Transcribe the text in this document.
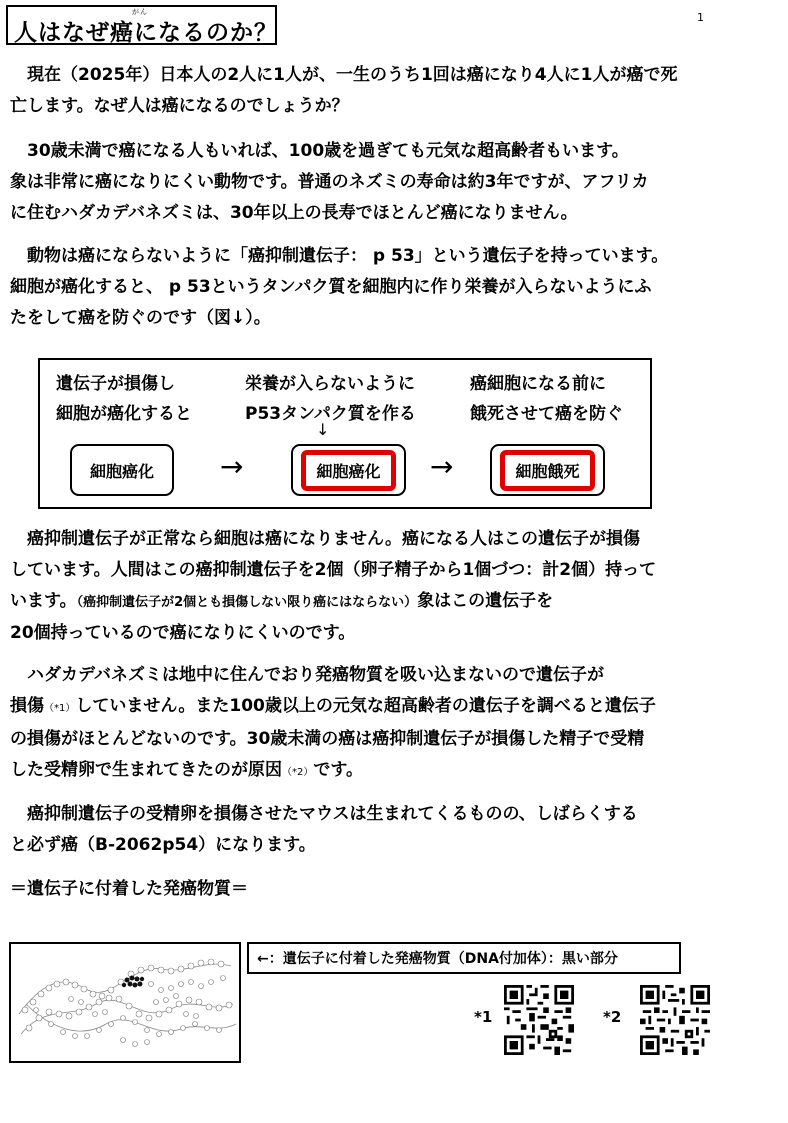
人はなぜ癌になるのか？
がん	1
現在（2025年）日本人の2人に1人が、一生のうち1回は癌になり4人に1人が癌で死
亡します。なぜ人は癌になるのでしょうか？
30歳未満で癌になる人もいれば、100歳を過ぎても元気な超高齢者もいます。
象は非常に癌になりにくい動物です。普通のネズミの寿命は約3年ですが、アフリカ
に住むハダカデバネズミは、30年以上の長寿でほとんど癌になりません。
動物は癌にならないように「癌抑制遺伝子： p 53」という遺伝子を持っています。
細胞が癌化すると、 p 53というタンパク質を細胞内に作り栄養が入らないようにふ
たをして癌を防ぐのです（図↓）。
遺伝子が損傷し
細胞が癌化すると
栄養が入らないように
P53タンパク質を作る
癌細胞になる前に
餓死させて癌を防ぐ
↓
細胞癌化 →	細胞癌化	→	細胞餓死
癌抑制遺伝子が正常なら細胞は癌になりません。癌になる人はこの遺伝子が損傷
しています。人間はこの癌抑制遺伝子を2個（卵子精子から1個づつ：計2個）持って
います。（癌抑制遺伝子が2個とも損傷しない限り癌にはならない）象はこの遺伝子を
20個持っているので癌になりにくいのです。
ハダカデバネズミは地中に住んでおり発癌物質を吸い込まないので遺伝子が
損傷（*1）していません。また100歳以上の元気な超高齢者の遺伝子を調べると遺伝子
の損傷がほとんどないのです。30歳未満の癌は癌抑制遺伝子が損傷した精子で受精
した受精卵で生まれてきたのが原因（*2）です。
癌抑制遺伝子の受精卵を損傷させたマウスは生まれてくるものの、しばらくする
と必ず癌（B-2062p54）になります。
＝遺伝子に付着した発癌物質＝
←：遺伝子に付着した発癌物質（DNA付加体）：黒い部分
*1	*2
